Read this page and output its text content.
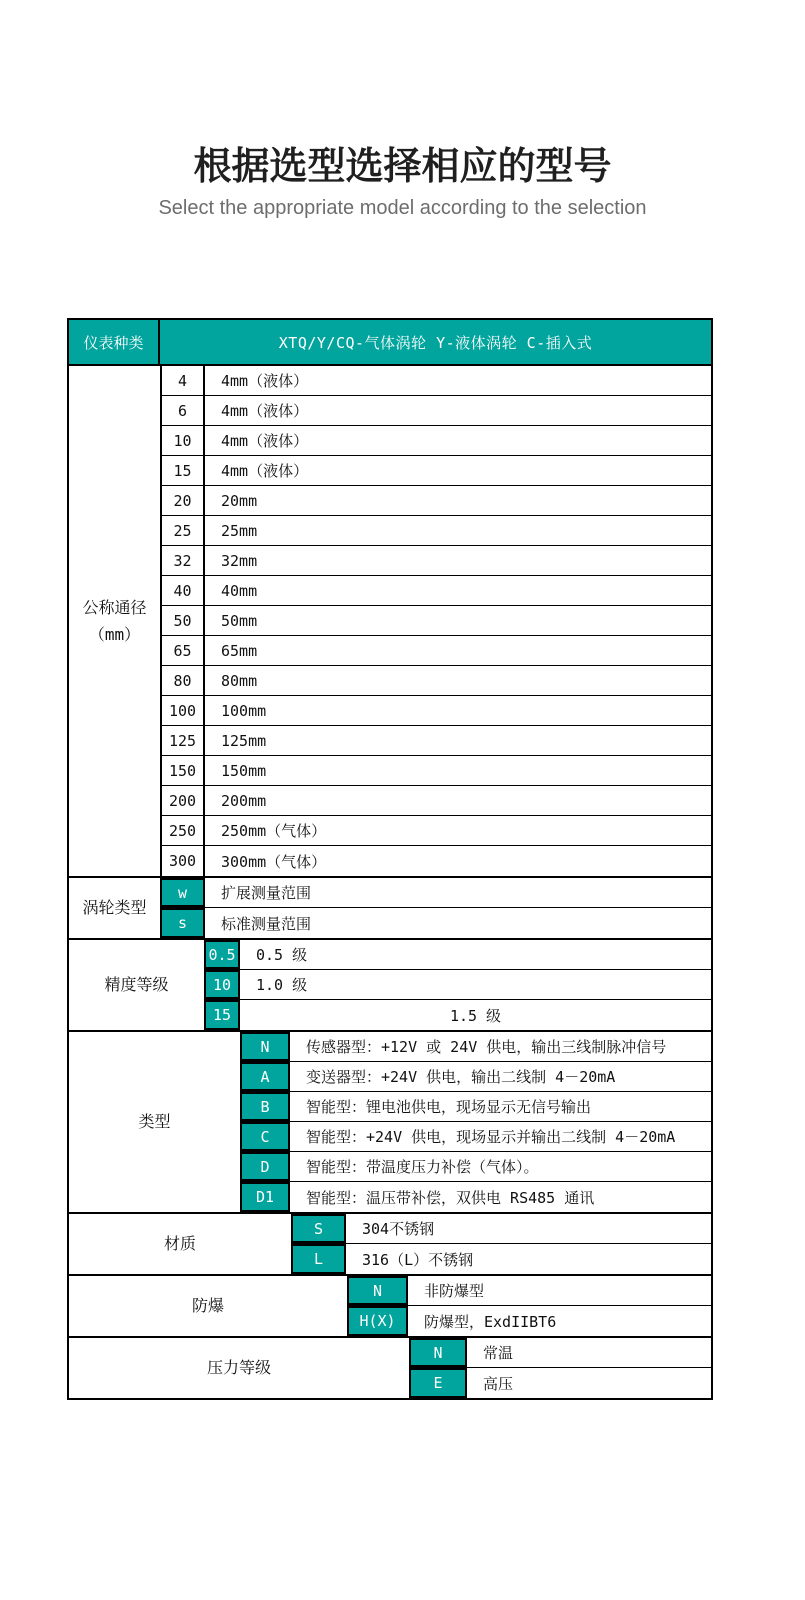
根据选型选择相应的型号
Select the appropriate model according to the selection
仪表种类	XTQ/Y/CQ-气体涡轮 Y-液体涡轮 C-插入式
公称通径
（mm）
4	4mm（液体）
6	4mm（液体）
10	4mm（液体）
15	4mm（液体）
20	20mm
25	25mm
32	32mm
40	40mm
50	50mm
65	65mm
80	80mm
100	100mm
125	125mm
150	150mm
200	200mm
250	250mm（气体）
300	300mm（气体）
涡轮类型
w	扩展测量范围
s	标准测量范围
精度等级
0.5	0.5 级
10	1.0 级
15	1.5 级
类型
N	传感器型：+12V 或 24V 供电，输出三线制脉冲信号
A	变送器型：+24V 供电，输出二线制 4－20mA
B	智能型：锂电池供电，现场显示无信号输出
C	智能型：+24V 供电，现场显示并输出二线制 4－20mA
D	智能型：带温度压力补偿（气体）。
D1	智能型：温压带补偿，双供电 RS485 通讯
材质
S	304不锈钢
L	316（L）不锈钢
防爆
N	非防爆型
H(X)	防爆型，ExdIIBT6
压力等级
N	常温
E	高压
